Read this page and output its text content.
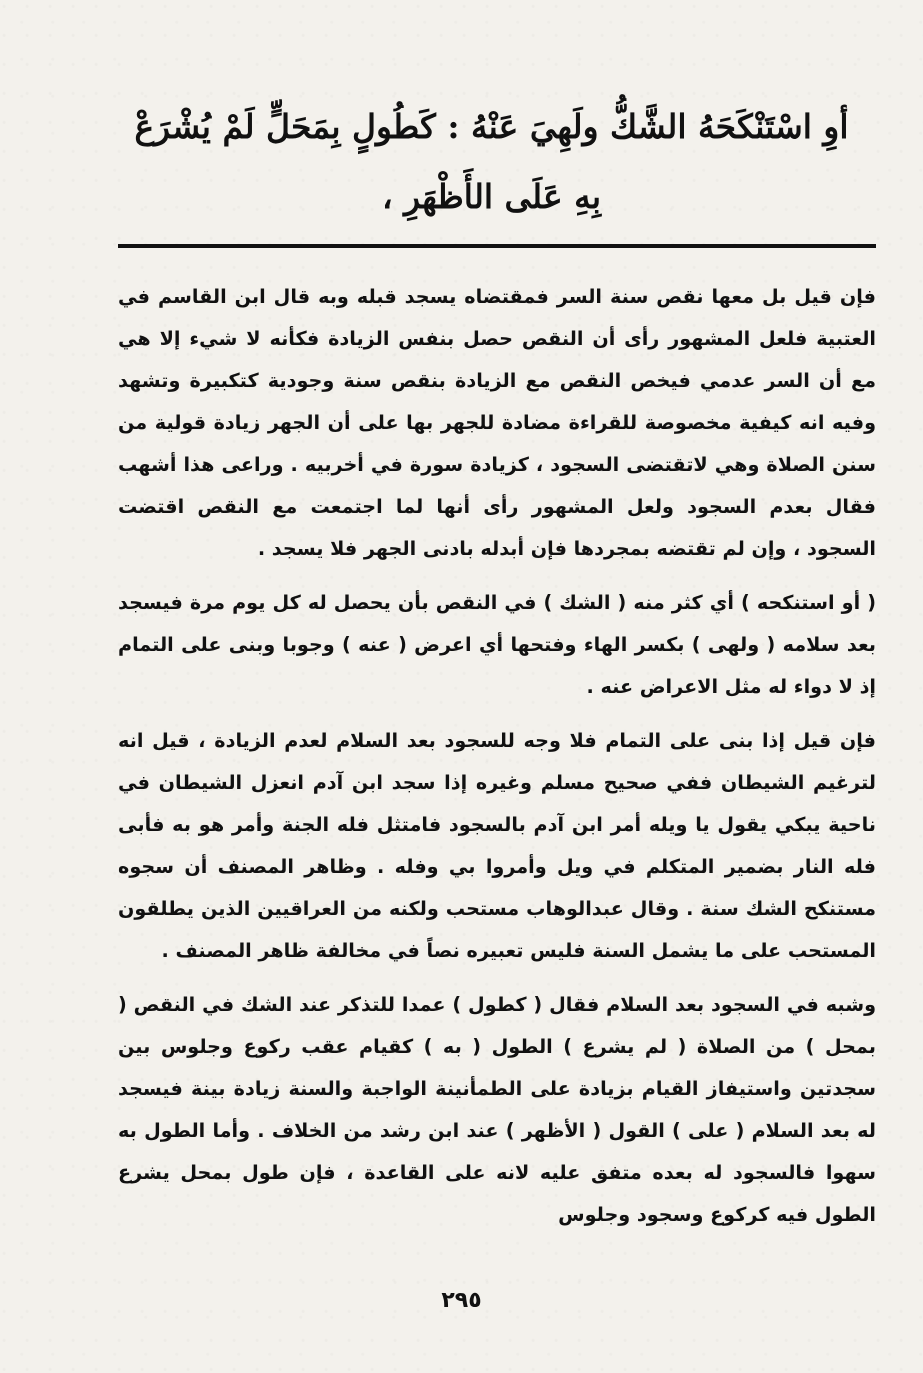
أوِ اسْتَنْكَحَهُ الشَّكُّ ولَهِيَ عَنْهُ : كَطُولٍ بِمَحَلٍّ لَمْ يُشْرَعْ
بِهِ عَلَى الأَظْهَرِ ،

فإن قيل بل معها نقص سنة السر فمقتضاه يسجد قبله وبه قال ابن القاسم في العتبية فلعل المشهور رأى أن النقص حصل بنفس الزيادة فكأنه لا شيء إلا هي مع أن السر عدمي فيخص النقص مع الزيادة بنقص سنة وجودية كتكبيرة وتشهد وفيه انه كيفية مخصوصة للقراءة مضادة للجهر بها على أن الجهر زيادة قولية من سنن الصلاة وهي لاتقتضى السجود ، كزيادة سورة في أخربيه . وراعى هذا أشهب فقال بعدم السجود ولعل المشهور رأى أنها لما اجتمعت مع النقص اقتضت السجود ، وإن لم تقتضه بمجردها فإن أبدله بادنى الجهر فلا يسجد .

( أو استنكحه ) أي كثر منه ( الشك ) في النقص بأن يحصل له كل يوم مرة فيسجد بعد سلامه ( ولهى ) بكسر الهاء وفتحها أي اعرض ( عنه ) وجوبا وبنى على التمام إذ لا دواء له مثل الاعراض عنه .

فإن قيل إذا بنى على التمام فلا وجه للسجود بعد السلام لعدم الزيادة ، قيل انه لترغيم الشيطان ففي صحيح مسلم وغيره إذا سجد ابن آدم انعزل الشيطان في ناحية يبكي يقول يا ويله أمر ابن آدم بالسجود فامتثل فله الجنة وأمر هو به فأبى فله النار بضمير المتكلم في ويل وأمروا بي وفله . وظاهر المصنف أن سجوه مستنكح الشك سنة . وقال عبدالوهاب مستحب ولكنه من العراقيين الذين يطلقون المستحب على ما يشمل السنة فليس تعبيره نصاً في مخالفة ظاهر المصنف .

وشبه في السجود بعد السلام فقال ( كطول ) عمدا للتذكر عند الشك في النقص ( بمحل ) من الصلاة ( لم يشرع ) الطول ( به ) كقيام عقب ركوع وجلوس بين سجدتين واستيفاز القيام بزيادة على الطمأنينة الواجبة والسنة زيادة بينة فيسجد له بعد السلام ( على ) القول ( الأظهر ) عند ابن رشد من الخلاف . وأما الطول به سهوا فالسجود له بعده متفق عليه لانه على القاعدة ، فإن طول بمحل يشرع الطول فيه كركوع وسجود وجلوس

٢٩٥
